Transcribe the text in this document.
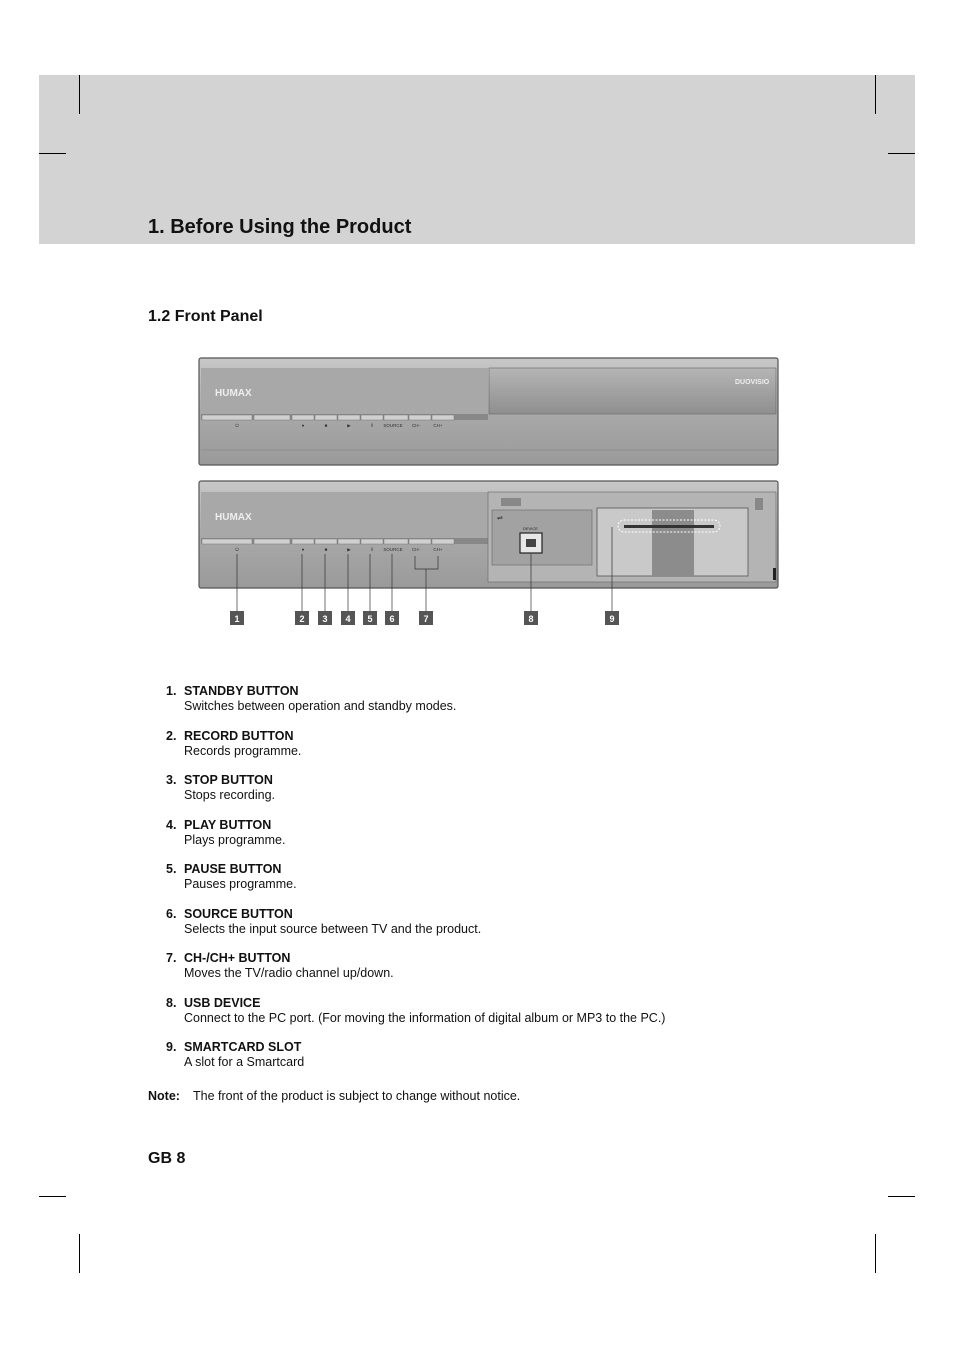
1. Before Using the Product
1.2 Front Panel
HUMAX
DUOVISIO
⏻	●	■	▶	‖ SOURCE CH-	CH+
HUMAX
⏻	●	■	▶	‖ SOURCE CH-	CH+
⇌
DEVICE
1	2 3 4 5 6	7	8	9
1. STANDBY BUTTON
Switches between operation and standby modes.
2. RECORD BUTTON
Records programme.
3. STOP BUTTON
Stops recording.
4. PLAY BUTTON
Plays programme.
5. PAUSE BUTTON
Pauses programme.
6. SOURCE BUTTON
Selects the input source between TV and the product.
7. CH-/CH+ BUTTON
Moves the TV/radio channel up/down.
8. USB DEVICE
Connect to the PC port. (For moving the information of digital album or MP3 to the PC.)
9. SMARTCARD SLOT
A slot for a Smartcard
Note: The front of the product is subject to change without notice.
GB 8
